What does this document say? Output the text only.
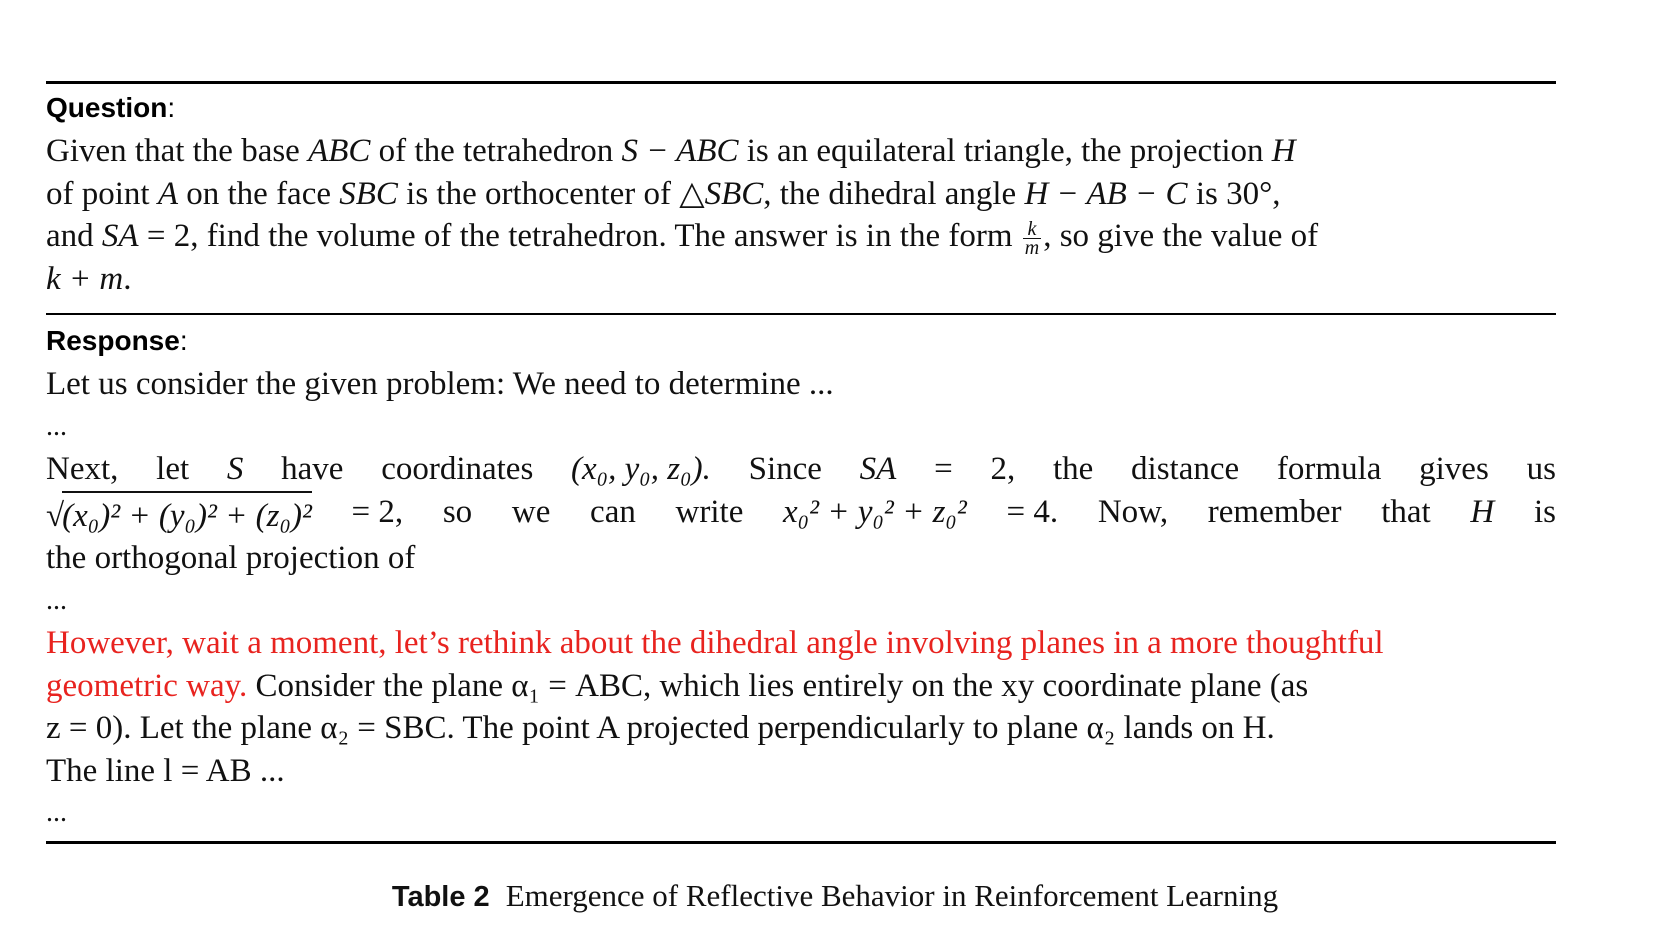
Question:
Given that the base ABC of the tetrahedron S − ABC is an equilateral triangle, the projection H
of point A on the face SBC is the orthocenter of △SBC, the dihedral angle H − AB − C is 30°,
and SA = 2, find the volume of the tetrahedron. The answer is in the form $\frac{k}{m}$ , so give the value of
k + m.
Response:
Let us consider the given problem: We need to determine ...
...
Next, let S have coordinates (x₀, y₀, z₀). Since SA = 2, the distance formula gives us
√(x₀)² + (y₀)² + (z₀)² = 2, so we can write x₀² + y₀² + z₀² = 4. Now, remember that H is
the orthogonal projection of
...
However, wait a moment, let’s rethink about the dihedral angle involving planes in a more thoughtful
geometric way. Consider the plane α₁ = ABC, which lies entirely on the xy coordinate plane (as
z = 0). Let the plane α₂ = SBC. The point A projected perpendicularly to plane α₂ lands on H.
The line l = AB ...
...
Table 2 Emergence of Reflective Behavior in Reinforcement Learning
